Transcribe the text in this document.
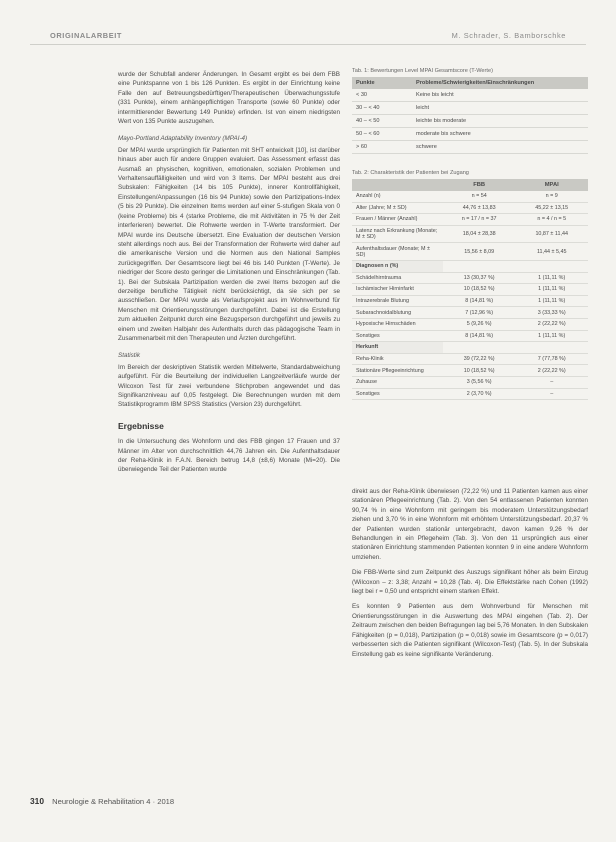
ORIGINALARBEIT	M. Schrader, S. Bamborschke

wurde der Schubfall anderer Änderungen. In Gesamt ergibt es bei dem FBB eine Punktspanne von 1 bis 126 Punkten. Es ergibt in der Einrichtung keine Falle den auf Betreuungsbedürftigen/Therapeutischen Überwachungsstufe (331 Punkte), einem anhängepflichtigen Transporte (sowie 60 Punkte) oder intermittierender Bewertung 149 Punkte) erfinden. Ist von einem niedrigsten Wert von 135 Punkte auszugehen.

Mayo-Portland Adaptability Inventory (MPAI-4)

Der MPAI wurde ursprünglich für Patienten mit SHT entwickelt [10], ist darüber hinaus aber auch für andere Gruppen evaluiert. Das Assessment erfasst das Ausmaß an physischen, kognitiven, emotionalen, sozialen Problemen und Verhaltensauffälligkeiten und wird von 3 Items. Der MPAI besteht aus drei Subskalen: Fähigkeiten (14 bis 105 Punkte), innerer Kontrollfähigkeit, Einstellungen/Anpassungen (16 bis 94 Punkte) sowie den Partizipations-Index (5 bis 29 Punkte). Die einzelnen Items werden auf einer 5-stufigen Skala von 0 (keine Probleme) bis 4 (starke Probleme, die mit Aktivitäten in 75 % der Zeit interferieren) bewertet. Die Rohwerte werden in T-Werte transformiert. Der MPAI wurde ins Deutsche übersetzt. Eine Evaluation der deutschen Version steht allerdings noch aus. Bei der Transformation der Rohwerte wird daher auf die amerikanische Version und die Normen aus den National Samples zurückgegriffen. Der Gesamtscore liegt bei 46 bis 140 Punkten (T-Werte). Je niedriger der Score desto geringer die Limitationen und Einschränkungen (Tab. 1). Bei der Subskala Partizipation werden die zwei Items bezogen auf die derzeitige berufliche Tätigkeit nicht berücksichtigt, da sie sich per se ausschließen. Der MPAI wurde als Verlaufsprojekt aus im Wohnverbund für Menschen mit Orientierungsstörungen durchgeführt. Dabei ist die Erstellung zum aktuellen Zeitpunkt durch eine Bezugsperson durchgeführt und jeweils zu einem und zweiten Halbjahr des Aufenthalts durch das pädagogische Team in Zusammenarbeit mit den Therapeuten und Ärzten durchgeführt.

Statistik

Im Bereich der deskriptiven Statistik werden Mittelwerte, Standardabweichung aufgeführt. Für die Beurteilung der individuellen Langzeitverläufe wurde der Wilcoxon Test für zwei verbundene Stichproben angewendet und das Signifikanzniveau auf 0,05 festgelegt. Die Berechnungen wurden mit dem Statistikprogramm IBM SPSS Statistics (Version 23) durchgeführt.

Ergebnisse

In die Untersuchung des Wohnform und des FBB gingen 17 Frauen und 37 Männer im Alter von durchschnittlich 44,76 Jahren ein. Die Aufenthaltsdauer der Reha-Klinik in F.A.N. Bereich betrug 14,8 (±8,6) Monate (Mi=20). Die überwiegende Teil der Patienten wurde

Tab. 1: Bewertungen Level MPAI Gesamtscore (T-Werte)
Punkte	Probleme/Schwierigkeiten/Einschränkungen
< 30	Keine bis leicht
30 – < 40	leicht
40 – < 50	leichte bis moderate
50 – < 60	moderate bis schwere
> 60	schwere
Tab. 2: Charakteristik der Patienten bei Zugang
	FBB	MPAI
Anzahl (n)	n = 54	n = 9
Alter (Jahre; M ± SD)	44,76 ± 13,83	45,22 ± 13,15
Frauen / Männer (Anzahl)	n = 17 / n = 37	n = 4 / n = 5
Latenz nach Erkrankung (Monate; M ± SD)	18,04 ± 28,38	10,87 ± 11,44
Aufenthaltsdauer (Monate; M ± SD)	15,56 ± 8,09	11,44 ± 5,45
Diagnosen n (%)		
Schädelhirntrauma	13 (30,37 %)	1 (11,11 %)
Ischämischer Hirninfarkt	10 (18,52 %)	1 (11,11 %)
Intrazerebrale Blutung	8 (14,81 %)	1 (11,11 %)
Subarachnoidalblutung	7 (12,96 %)	3 (33,33 %)
Hypoxische Hirnschäden	5 (9,26 %)	2 (22,22 %)
Sonstiges	8 (14,81 %)	1 (11,11 %)
Herkunft		
Reha-Klinik	39 (72,22 %)	7 (77,78 %)
Stationäre Pflegeeinrichtung	10 (18,52 %)	2 (22,22 %)
Zuhause	3 (5,56 %)	–
Sonstiges	2 (3,70 %)	–

direkt aus der Reha-Klinik überwiesen (72,22 %) und 11 Patienten kamen aus einer stationären Pflegeeinrichtung (Tab. 2). Von den 54 entlassenen Patienten konnten 90,74 % in eine Wohnform mit geringem bis moderatem Unterstützungsbedarf ziehen und 3,70 % in eine Wohnform mit erhöhtem Unterstützungsbedarf. 20,37 % der Patienten wurden stationär untergebracht, davon kamen 9,26 % der Behandlungen in ein Pflegeheim (Tab. 3). Von den 11 ursprünglich aus einer stationären Einrichtung stammenden Patienten konnten 9 in eine andere Wohnform umziehen.

Die FBB-Werte sind zum Zeitpunkt des Auszugs signifikant höher als beim Einzug (Wilcoxon – z: 3,38; Anzahl = 10,28 (Tab. 4). Die Effektstärke nach Cohen (1992) liegt bei r = 0,50 und entspricht einem starken Effekt.

Es konnten 9 Patienten aus dem Wohnverbund für Menschen mit Orientierungsstörungen in die Auswertung des MPAI eingehen (Tab. 2). Der Zeitraum zwischen den beiden Befragungen lag bei 5,76 Monaten. In den Subskalen Fähigkeiten (p = 0,018), Partizipation (p = 0,018) sowie im Gesamtscore (p = 0,017) verbesserten sich die Patienten signifikant (Wilcoxon-Test) (Tab. 5). In der Subskala Einstellung gab es keine signifikante Veränderung.

310 Neurologie & Rehabilitation 4 · 2018
